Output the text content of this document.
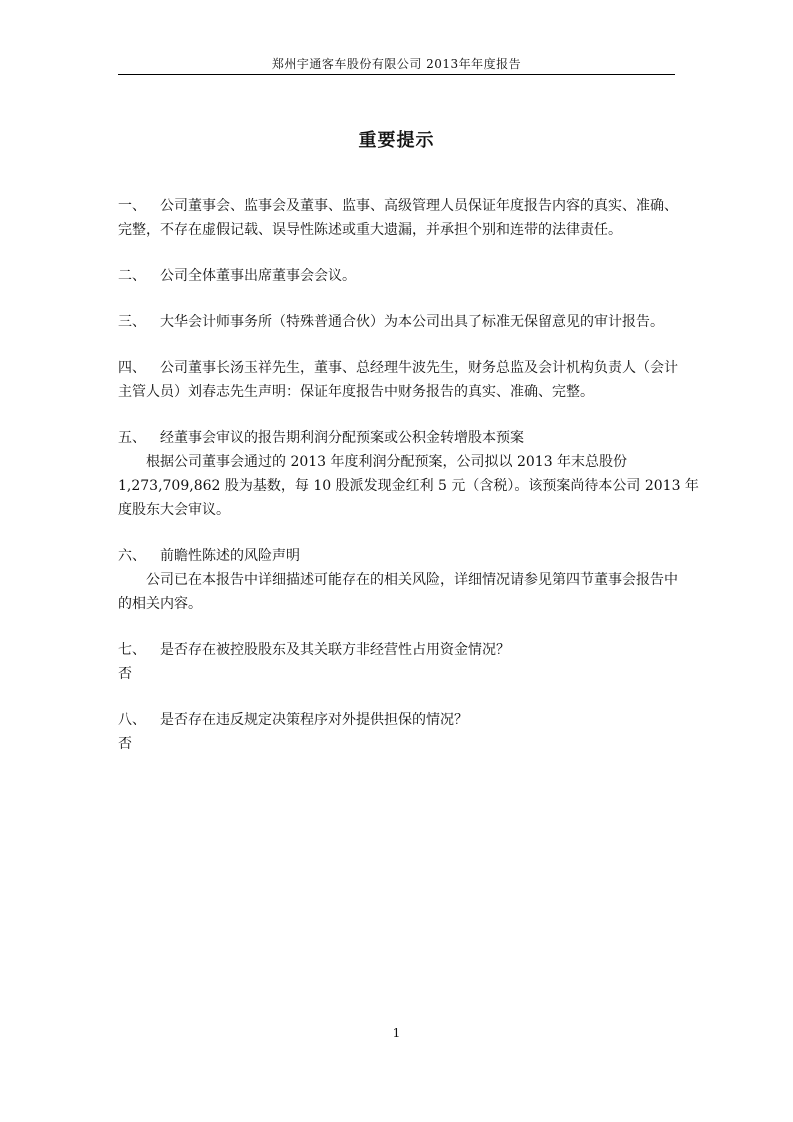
郑州宇通客车股份有限公司 2013年年度报告
重要提示
一、 公司董事会、监事会及董事、监事、高级管理人员保证年度报告内容的真实、准确、
完整，不存在虚假记载、误导性陈述或重大遗漏，并承担个别和连带的法律责任。
二、 公司全体董事出席董事会会议。
三、 大华会计师事务所（特殊普通合伙）为本公司出具了标准无保留意见的审计报告。
四、 公司董事长汤玉祥先生，董事、总经理牛波先生，财务总监及会计机构负责人（会计
主管人员）刘春志先生声明：保证年度报告中财务报告的真实、准确、完整。
五、 经董事会审议的报告期利润分配预案或公积金转增股本预案
根据公司董事会通过的 2013 年度利润分配预案，公司拟以 2013 年末总股份
1,273,709,862 股为基数，每 10 股派发现金红利 5 元（含税）。该预案尚待本公司 2013 年
度股东大会审议。
六、 前瞻性陈述的风险声明
公司已在本报告中详细描述可能存在的相关风险，详细情况请参见第四节董事会报告中
的相关内容。
七、 是否存在被控股股东及其关联方非经营性占用资金情况？
否
八、 是否存在违反规定决策程序对外提供担保的情况？
否
1
